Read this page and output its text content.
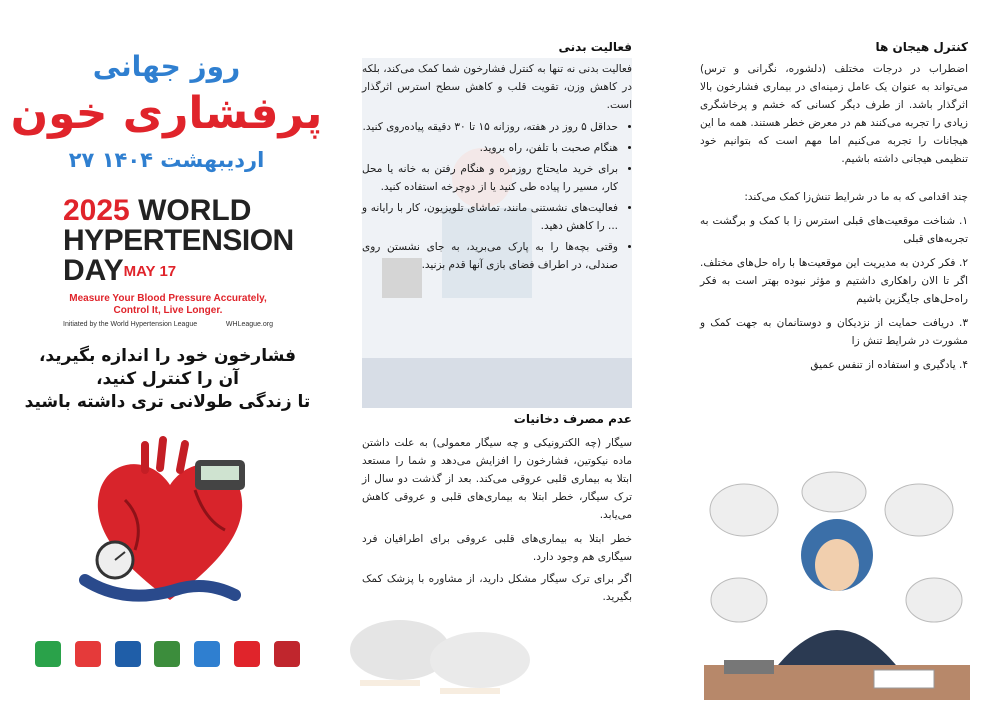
روز جهانی
پرفشاری خون
۲۷ اردیبهشت ۱۴۰۴
2025 WORLD
HYPERTENSION
DAYMAY 17
Measure Your Blood Pressure Accurately, Control It, Live Longer.
Initiated by the World Hypertension League	WHLeague.org
فشارخون خود را اندازه بگیرید،
آن را کنترل کنید،
تا زندگی طولانی تری داشته باشید
فعالیت بدنی
فعالیت بدنی نه تنها به کنترل فشارخون شما کمک می‌کند، بلکه در کاهش وزن، تقویت قلب و کاهش سطح استرس اثرگذار است.
• حداقل ۵ روز در هفته، روزانه ۱۵ تا ۳۰ دقیقه پیاده‌روی کنید.
• هنگام صحبت با تلفن، راه بروید.
• برای خرید مایحتاج روزمره و هنگام رفتن به خانه یا محل کار، مسیر را پیاده طی کنید یا از دوچرخه استفاده کنید.
• فعالیت‌های نشستنی مانند، تماشای تلویزیون، کار با رایانه و ... را کاهش دهید.
• وقتی بچه‌ها را به پارک می‌برید، به جای نشستن روی صندلی، در اطراف فضای بازی آنها قدم بزنید.
عدم مصرف دخانیات
سیگار (چه الکترونیکی و چه سیگار معمولی) به علت داشتن ماده نیکوتین، فشارخون را افزایش می‌دهد و شما را مستعد ابتلا به بیماری قلبی عروقی می‌کند. بعد از گذشت دو سال از ترک سیگار، خطر ابتلا به بیماری‌های قلبی و عروقی کاهش می‌یابد.
خطر ابتلا به بیماری‌های قلبی عروقی برای اطرافیان فرد سیگاری هم وجود دارد.
اگر برای ترک سیگار مشکل دارید، از مشاوره با پزشک کمک بگیرید.
کنترل هیجان ها
اضطراب در درجات مختلف (دلشوره، نگرانی و ترس) می‌تواند به عنوان یک عامل زمینه‌ای در بیماری فشارخون بالا اثرگذار باشد. از طرف دیگر کسانی که خشم و پرخاشگری زیادی را تجربه می‌کنند هم در معرض خطر هستند. همه ما این هیجانات را تجربه می‌کنیم اما مهم است که بتوانیم خود تنظیمی هیجانی داشته باشیم.
چند اقدامی که به ما در شرایط تنش‌زا کمک می‌کند:
۱. شناخت موقعیت‌های قبلی استرس زا با کمک و برگشت به تجربه‌های قبلی
۲. فکر کردن به مدیریت این موقعیت‌ها با راه حل‌های مختلف. اگر تا الان راهکاری داشتیم و مؤثر نبوده بهتر است به فکر راه‌حل‌های جایگزین باشیم
۳. دریافت حمایت از نزدیکان و دوستانمان به جهت کمک و مشورت در شرایط تنش زا
۴. یادگیری و استفاده از تنفس عمیق
